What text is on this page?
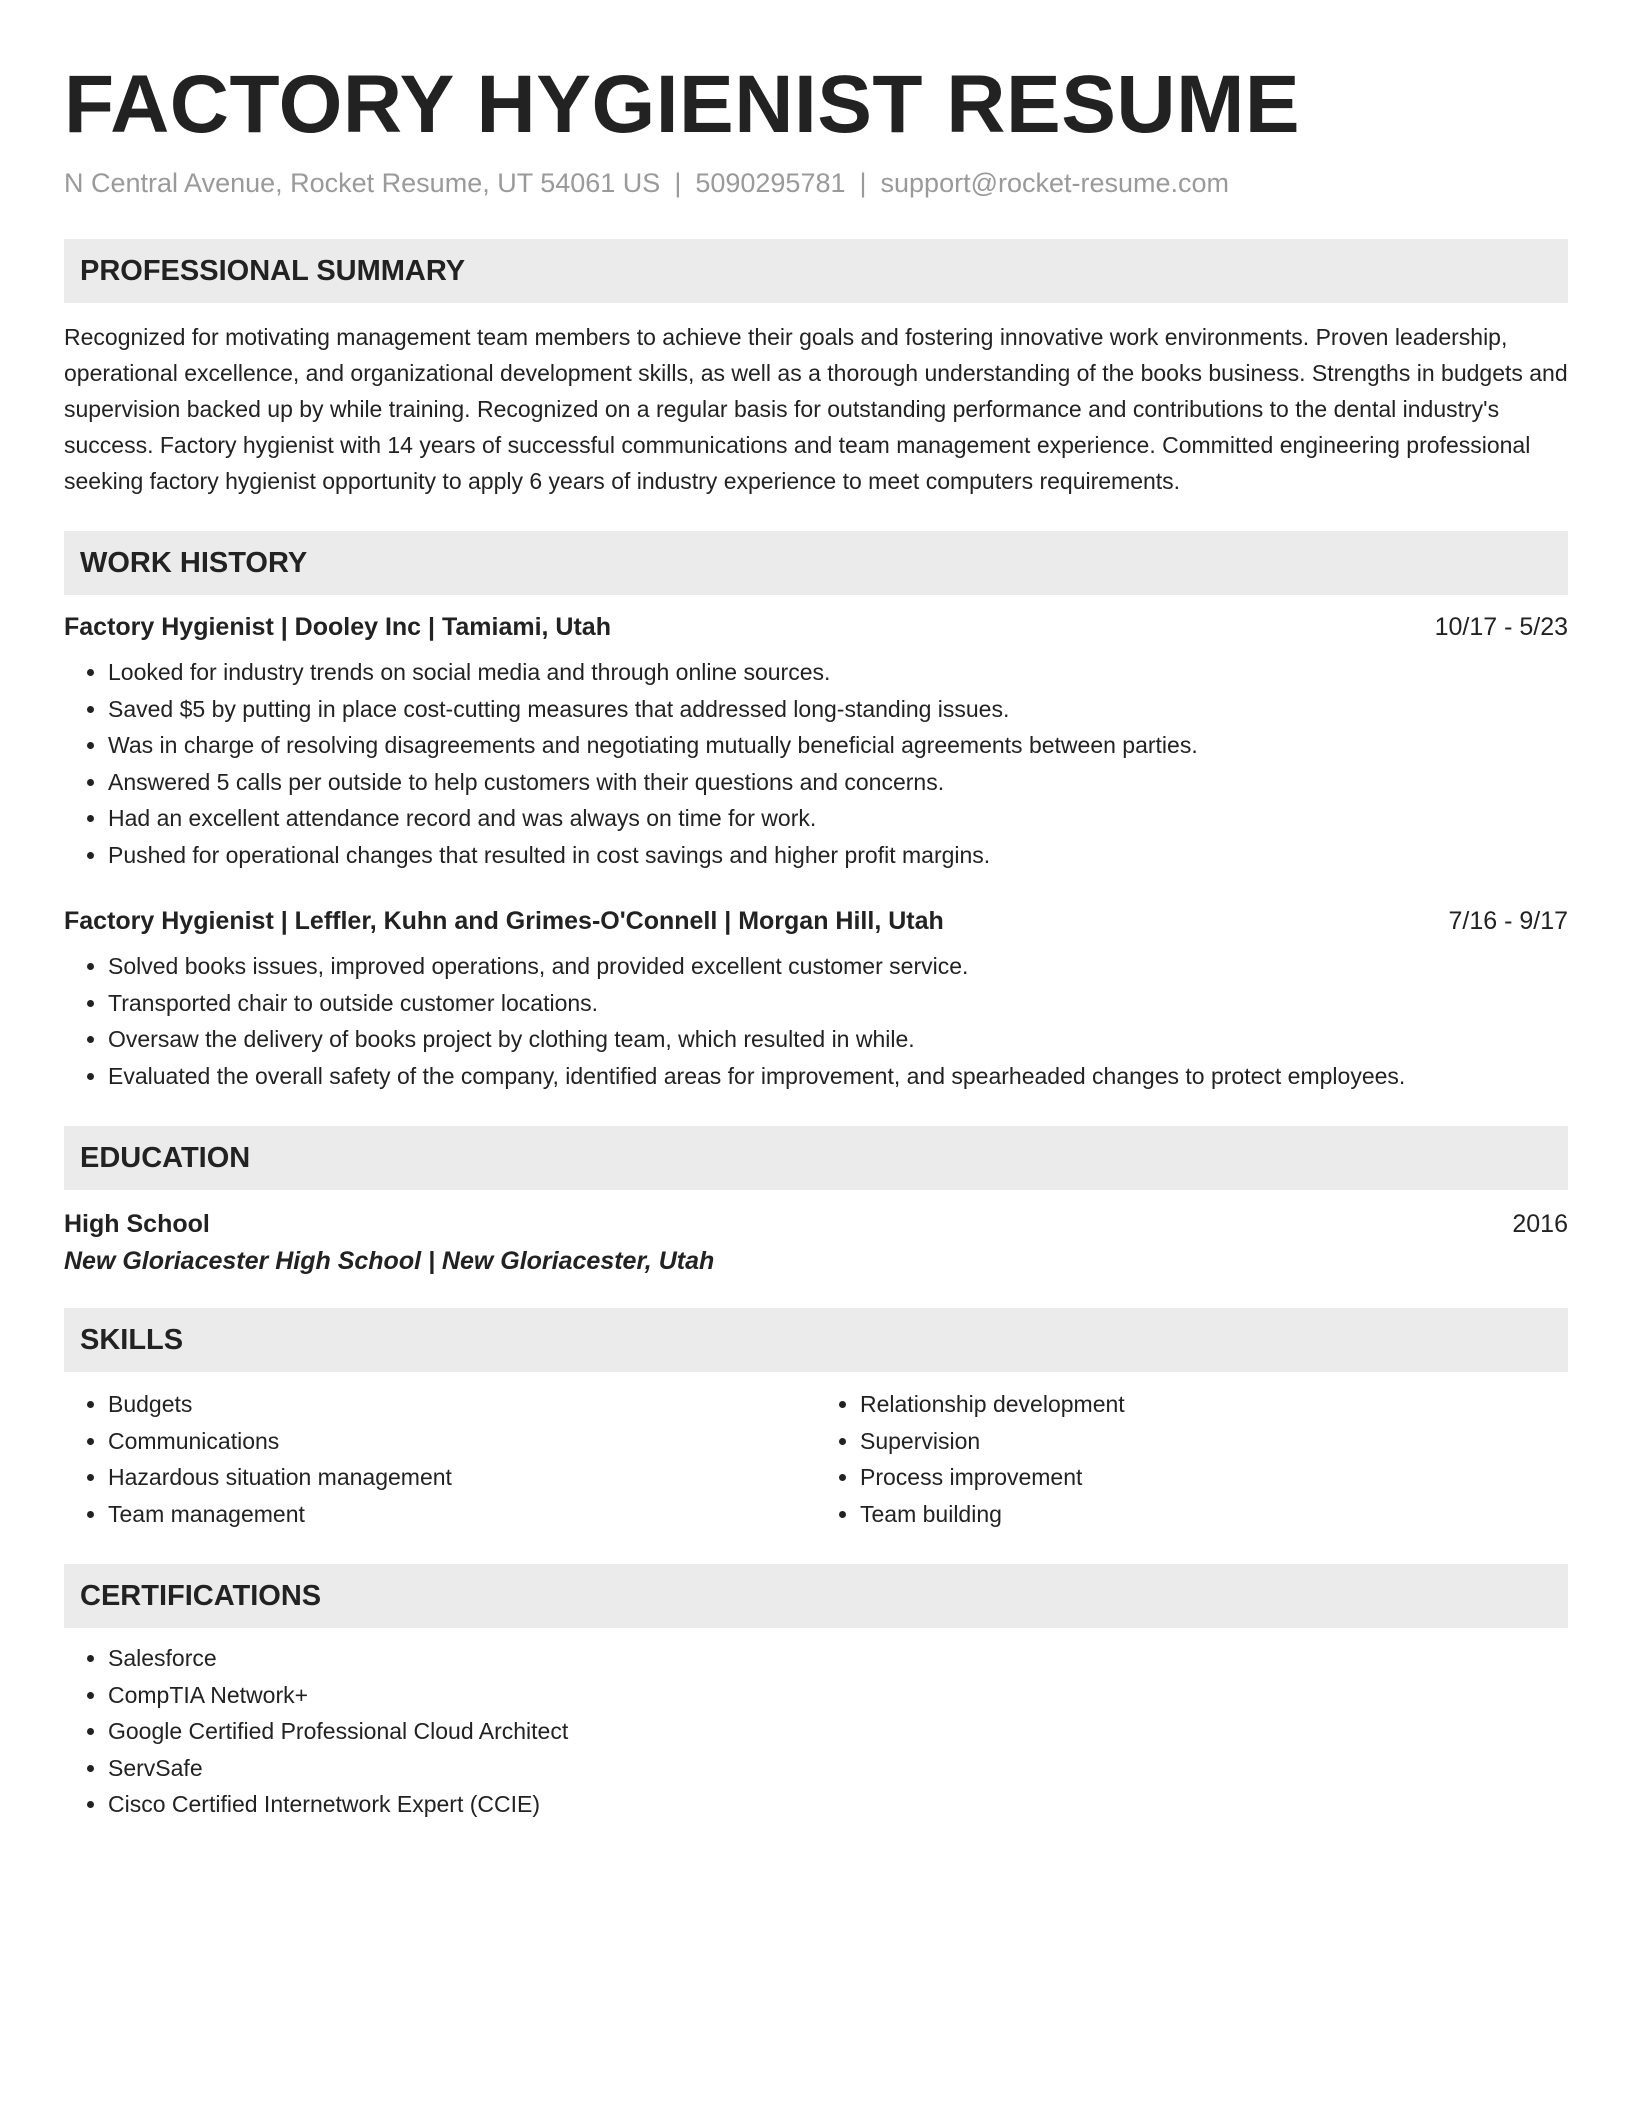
FACTORY HYGIENIST RESUME
N Central Avenue, Rocket Resume, UT 54061 US | 5090295781 | support@rocket-resume.com
PROFESSIONAL SUMMARY

Recognized for motivating management team members to achieve their goals and fostering innovative work environments. Proven leadership, operational excellence, and organizational development skills, as well as a thorough understanding of the books business. Strengths in budgets and supervision backed up by while training. Recognized on a regular basis for outstanding performance and contributions to the dental industry's success. Factory hygienist with 14 years of successful communications and team management experience. Committed engineering professional seeking factory hygienist opportunity to apply 6 years of industry experience to meet computers requirements.

WORK HISTORY
Factory Hygienist | Dooley Inc | Tamiami, Utah	10/17 - 5/23
• Looked for industry trends on social media and through online sources.
• Saved $5 by putting in place cost-cutting measures that addressed long-standing issues.
• Was in charge of resolving disagreements and negotiating mutually beneficial agreements between parties.
• Answered 5 calls per outside to help customers with their questions and concerns.
• Had an excellent attendance record and was always on time for work.
• Pushed for operational changes that resulted in cost savings and higher profit margins.
Factory Hygienist | Leffler, Kuhn and Grimes-O'Connell | Morgan Hill, Utah	7/16 - 9/17
• Solved books issues, improved operations, and provided excellent customer service.
• Transported chair to outside customer locations.
• Oversaw the delivery of books project by clothing team, which resulted in while.
• Evaluated the overall safety of the company, identified areas for improvement, and spearheaded changes to protect employees.
EDUCATION
High School	2016
New Gloriacester High School | New Gloriacester, Utah
SKILLS
• Budgets
• Communications
• Hazardous situation management
• Team management
• Relationship development
• Supervision
• Process improvement
• Team building
CERTIFICATIONS
• Salesforce
• CompTIA Network+
• Google Certified Professional Cloud Architect
• ServSafe
• Cisco Certified Internetwork Expert (CCIE)
